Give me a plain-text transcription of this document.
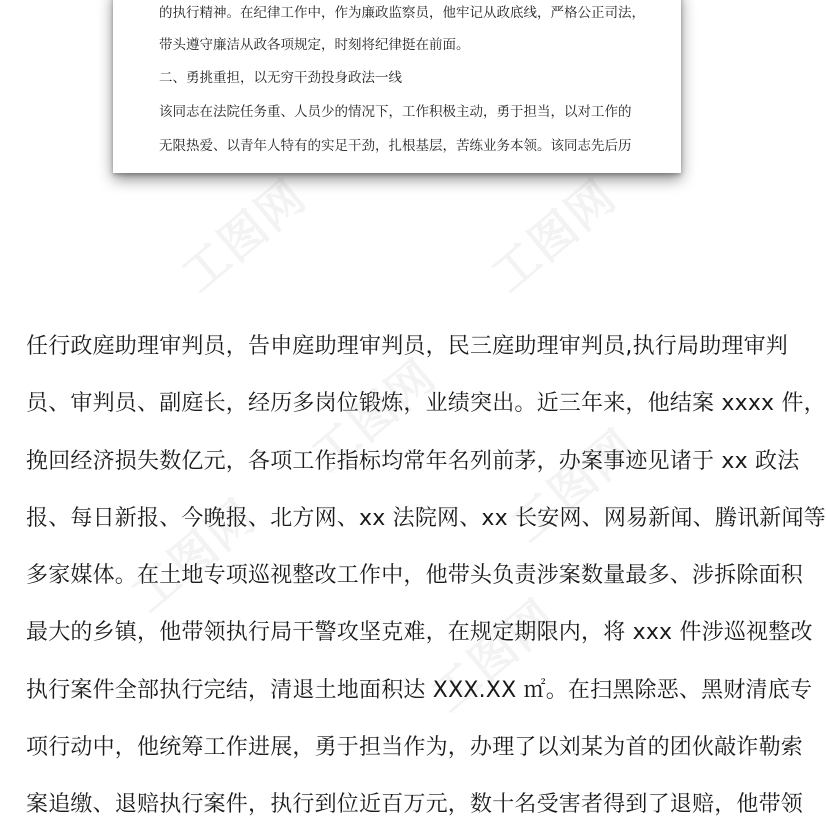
工图网	工图网
工图网
工图网
工图网
工图网
的执行精神。在纪律工作中，作为廉政监察员，他牢记从政底线，严格公正司法，
带头遵守廉洁从政各项规定，时刻将纪律挺在前面。
二、勇挑重担，以无穷干劲投身政法一线
该同志在法院任务重、人员少的情况下，工作积极主动，勇于担当，以对工作的
无限热爱、以青年人特有的实足干劲，扎根基层，苦练业务本领。该同志先后历
任行政庭助理审判员，告申庭助理审判员，民三庭助理审判员,执行局助理审判
员、审判员、副庭长，经历多岗位锻炼，业绩突出。近三年来，他结案 xxxx 件，
挽回经济损失数亿元，各项工作指标均常年名列前茅，办案事迹见诸于 xx 政法
报、每日新报、今晚报、北方网、xx 法院网、xx 长安网、网易新闻、腾讯新闻等
多家媒体。在土地专项巡视整改工作中，他带头负责涉案数量最多、涉拆除面积
最大的乡镇，他带领执行局干警攻坚克难，在规定期限内，将 xxx 件涉巡视整改
执行案件全部执行完结，清退土地面积达 XXX.XX ㎡。在扫黑除恶、黑财清底专
项行动中，他统筹工作进展，勇于担当作为，办理了以刘某为首的团伙敲诈勒索
案追缴、退赔执行案件，执行到位近百万元，数十名受害者得到了退赔，他带领
